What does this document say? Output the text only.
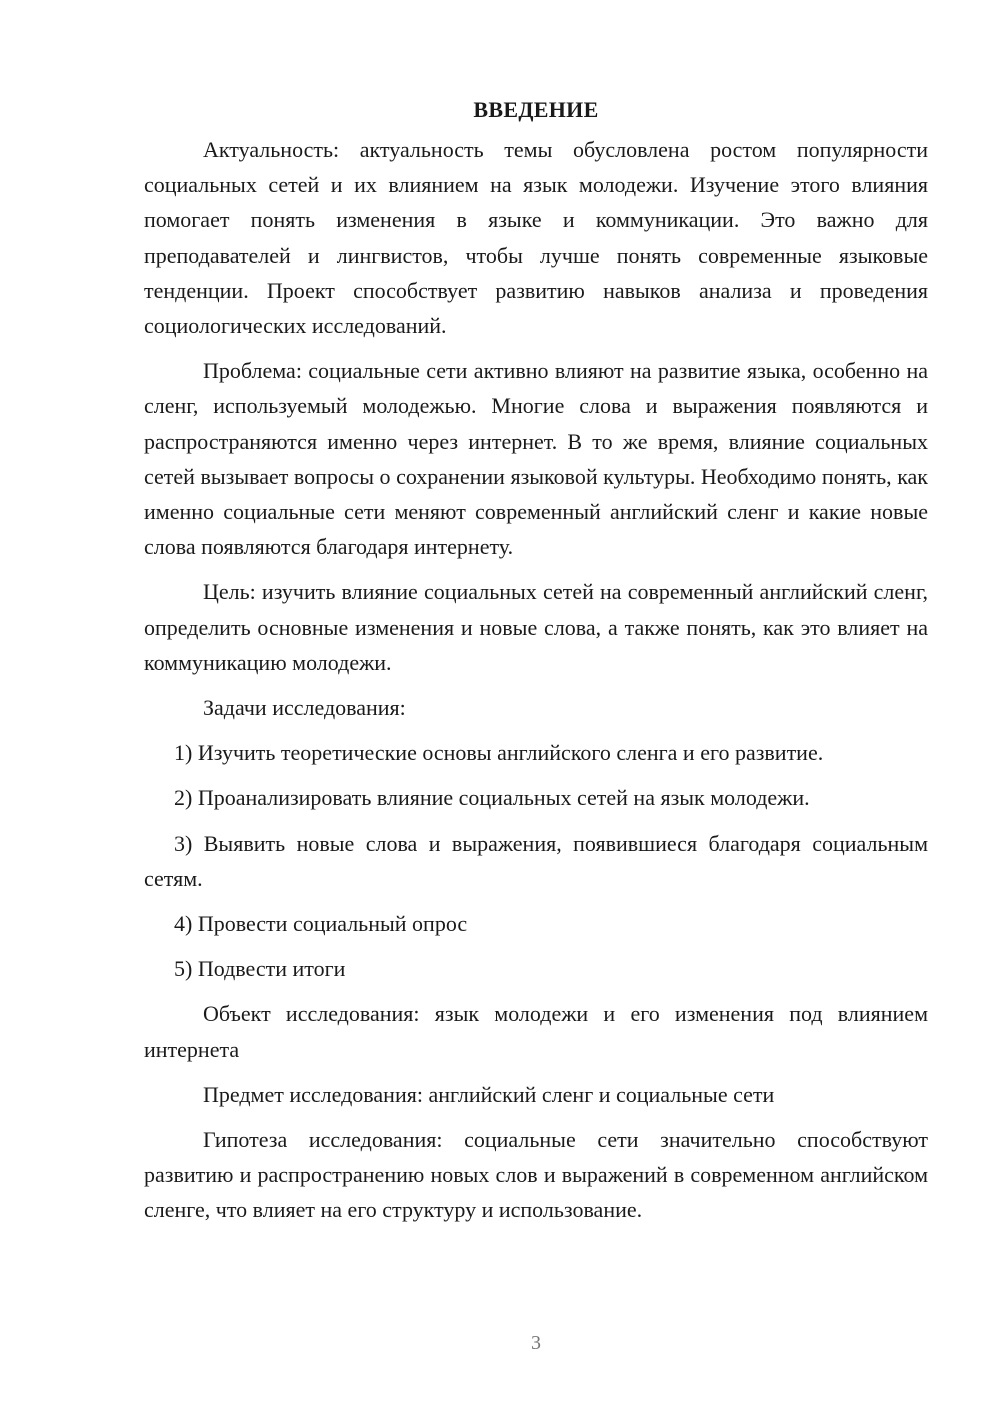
ВВЕДЕНИЕ

Актуальность: актуальность темы обусловлена ростом популярности социальных сетей и их влиянием на язык молодежи. Изучение этого влияния помогает понять изменения в языке и коммуникации. Это важно для преподавателей и лингвистов, чтобы лучше понять современные языковые тенденции. Проект способствует развитию навыков анализа и проведения социологических исследований.

Проблема: социальные сети активно влияют на развитие языка, особенно на сленг, используемый молодежью. Многие слова и выражения появляются и распространяются именно через интернет. В то же время, влияние социальных сетей вызывает вопросы о сохранении языковой культуры. Необходимо понять, как именно социальные сети меняют современный английский сленг и какие новые слова появляются благодаря интернету.

Цель: изучить влияние социальных сетей на современный английский сленг, определить основные изменения и новые слова, а также понять, как это влияет на коммуникацию молодежи.

Задачи исследования:

1) Изучить теоретические основы английского сленга и его развитие.

2) Проанализировать влияние социальных сетей на язык молодежи.

3) Выявить новые слова и выражения, появившиеся благодаря социальным сетям.

4) Провести социальный опрос

5) Подвести итоги

Объект исследования: язык молодежи и его изменения под влиянием интернета

Предмет исследования: английский сленг и социальные сети

Гипотеза исследования: социальные сети значительно способствуют развитию и распространению новых слов и выражений в современном английском сленге, что влияет на его структуру и использование.

3
